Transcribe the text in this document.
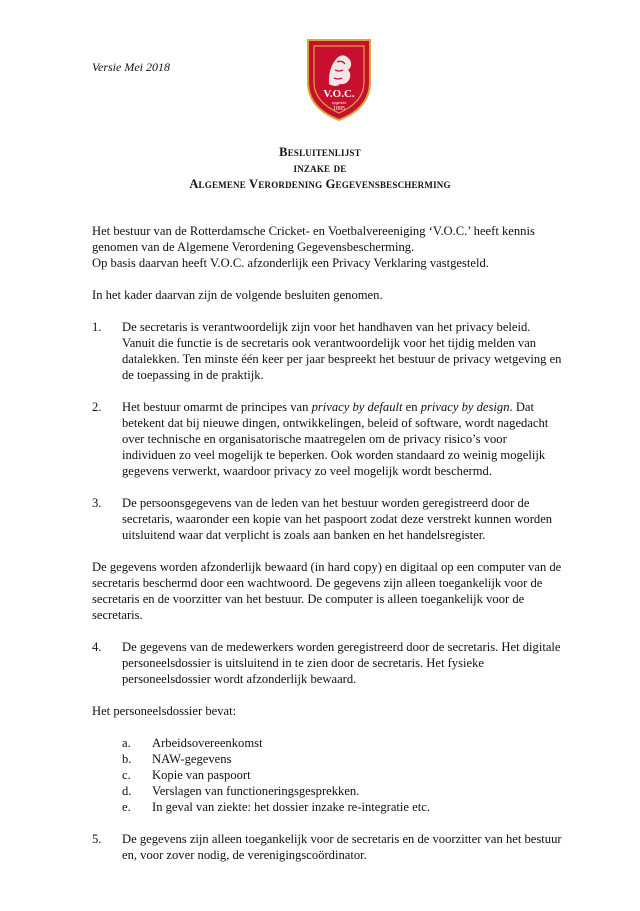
Versie Mei 2018
V.O.C.
opgericht
1895
Besluitenlijst
inzake de
Algemene Verordening Gegevensbescherming

Het bestuur van de Rotterdamsche Cricket- en Voetbalvereeniging ‘V.O.C.’ heeft kennis genomen van de Algemene Verordening Gegevensbescherming.

Op basis daarvan heeft V.O.C. afzonderlijk een Privacy Verklaring vastgesteld.

In het kader daarvan zijn de volgende besluiten genomen.

1.	De secretaris is verantwoordelijk zijn voor het handhaven van het privacy beleid. Vanuit die functie is de secretaris ook verantwoordelijk voor het tijdig melden van datalekken. Ten minste één keer per jaar bespreekt het bestuur de privacy wetgeving en de toepassing in de praktijk.
2.	Het bestuur omarmt de principes van privacy by default en privacy by design. Dat betekent dat bij nieuwe dingen, ontwikkelingen, beleid of software, wordt nagedacht over technische en organisatorische maatregelen om de privacy risico’s voor individuen zo veel mogelijk te beperken. Ook worden standaard zo weinig mogelijk gegevens verwerkt, waardoor privacy zo veel mogelijk wordt beschermd.
3.	De persoonsgegevens van de leden van het bestuur worden geregistreerd door de secretaris, waaronder een kopie van het paspoort zodat deze verstrekt kunnen worden uitsluitend waar dat verplicht is zoals aan banken en het handelsregister.

De gegevens worden afzonderlijk bewaard (in hard copy) en digitaal op een computer van de secretaris beschermd door een wachtwoord. De gegevens zijn alleen toegankelijk voor de secretaris en de voorzitter van het bestuur. De computer is alleen toegankelijk voor de secretaris.

4.	De gegevens van de medewerkers worden geregistreerd door de secretaris. Het digitale personeelsdossier is uitsluitend in te zien door de secretaris. Het fysieke personeelsdossier wordt afzonderlijk bewaard.

Het personeelsdossier bevat:

a.	Arbeidsovereenkomst
b.	NAW-gegevens
c.	Kopie van paspoort
d.	Verslagen van functioneringsgesprekken.
e.	In geval van ziekte: het dossier inzake re-integratie etc.
5.	De gegevens zijn alleen toegankelijk voor de secretaris en de voorzitter van het bestuur en, voor zover nodig, de verenigingscoördinator.
